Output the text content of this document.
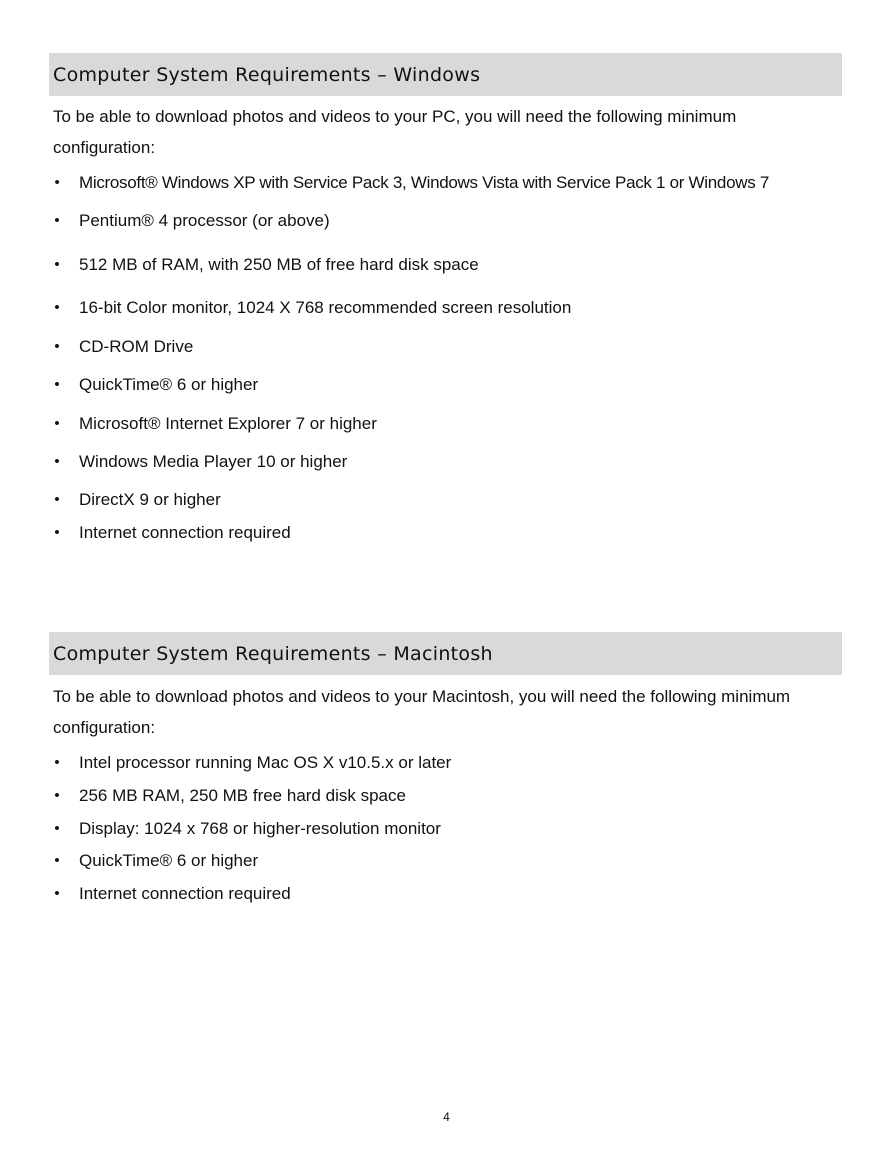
Computer System Requirements – Windows

To be able to download photos and videos to your PC, you will need the following minimum configuration:

• Microsoft® Windows XP with Service Pack 3, Windows Vista with Service Pack 1 or Windows 7
• Pentium® 4 processor (or above)
• 512 MB of RAM, with 250 MB of free hard disk space
• 16-bit Color monitor, 1024 X 768 recommended screen resolution
• CD-ROM Drive
• QuickTime® 6 or higher
• Microsoft® Internet Explorer 7 or higher
• Windows Media Player 10 or higher
• DirectX 9 or higher
• Internet connection required
Computer System Requirements – Macintosh

To be able to download photos and videos to your Macintosh, you will need the following minimum configuration:

• Intel processor running Mac OS X v10.5.x or later
• 256 MB RAM, 250 MB free hard disk space
• Display: 1024 x 768 or higher-resolution monitor
• QuickTime® 6 or higher
• Internet connection required
4
